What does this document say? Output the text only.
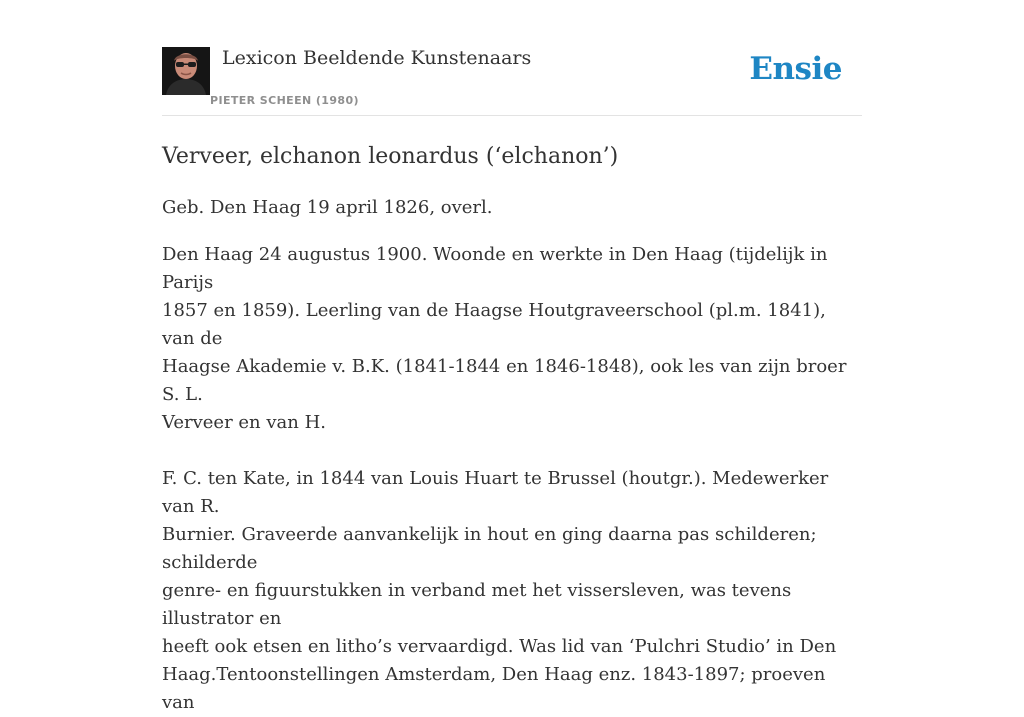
Lexicon Beeldende Kunstenaars
PIETER SCHEEN (1980)
Ensie
Verveer, elchanon leonardus (‘elchanon’)

Geb. Den Haag 19 april 1826, overl.

Den Haag 24 augustus 1900. Woonde en werkte in Den Haag (tijdelijk in Parijs
1857 en 1859). Leerling van de Haagse Houtgraveerschool (pl.m. 1841), van de
Haagse Akademie v. B.K. (1841-1844 en 1846-1848), ook les van zijn broer S. L.
Verveer en van H.

F. C. ten Kate, in 1844 van Louis Huart te Brussel (houtgr.). Medewerker van R.
Burnier. Graveerde aanvankelijk in hout en ging daarna pas schilderen; schilderde
genre- en figuurstukken in verband met het vissersleven, was tevens illustrator en
heeft ook etsen en litho’s vervaardigd. Was lid van ‘Pulchri Studio’ in Den
Haag.Tentoonstellingen Amsterdam, Den Haag enz. 1843-1897; proeven van
